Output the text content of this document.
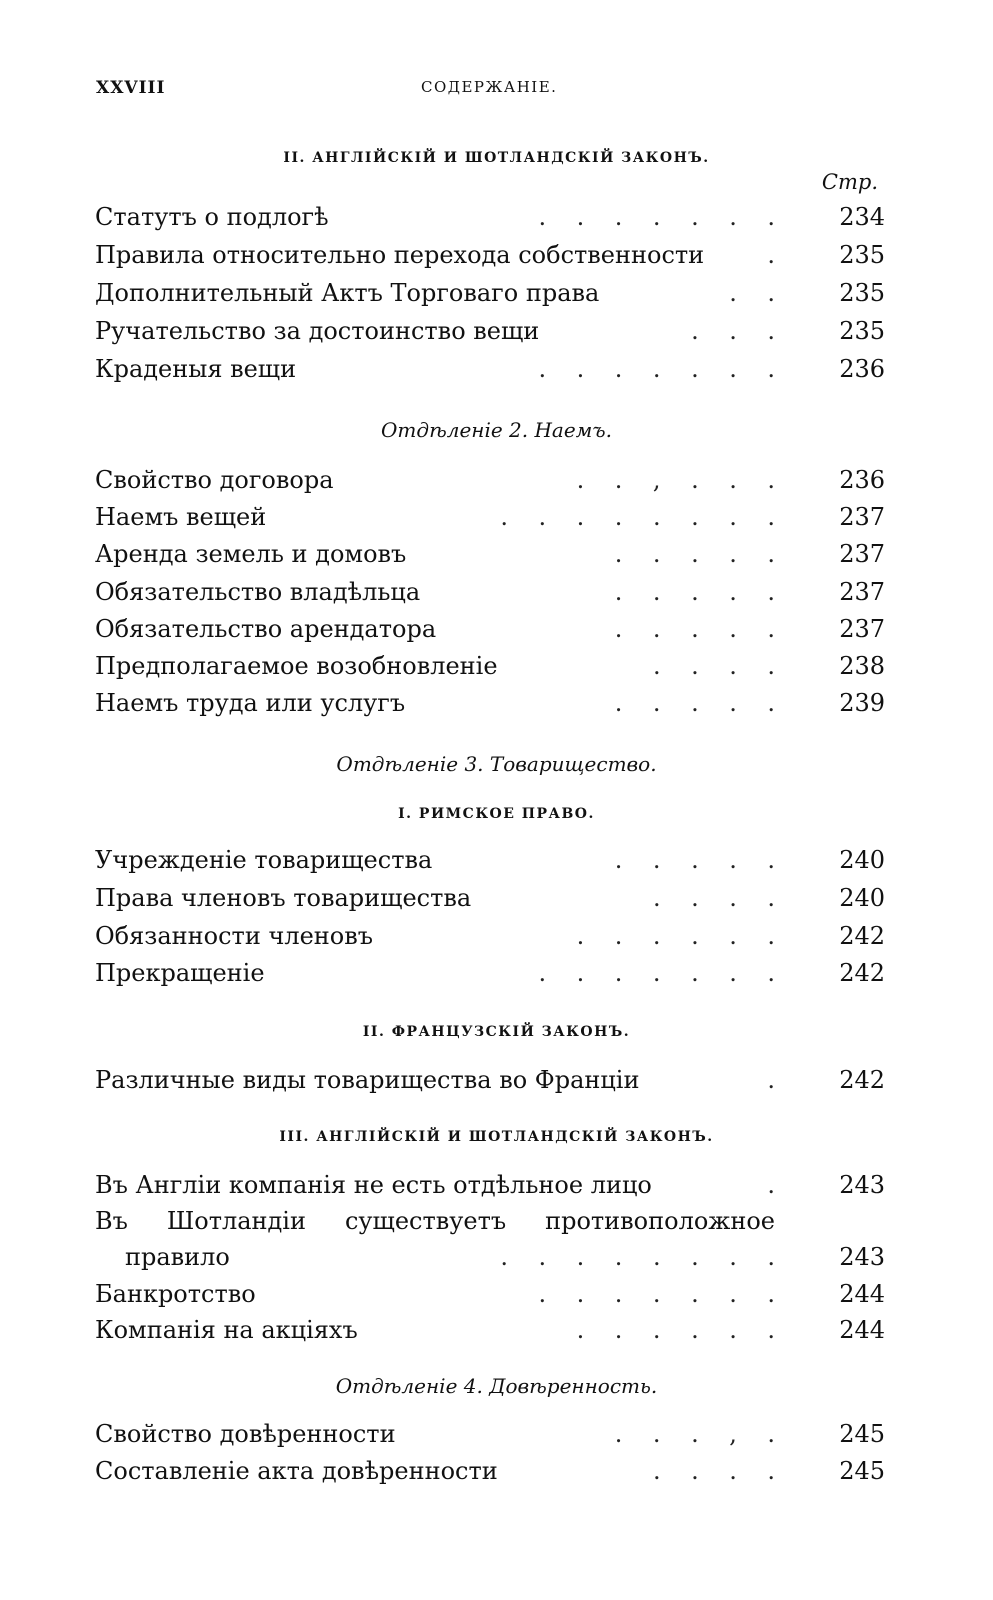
XXVIII	СОДЕРЖАНІЕ.
II. АНГЛІЙСКІЙ И ШОТЛАНДСКІЙ ЗАКОНЪ.
Стр.
Статутъ о подлогѣ	.    .    .    .    .    .    .	234
Правила относительно перехода собственности	.	235
Дополнительный Актъ Торговаго права	.    .	235
Ручательство за достоинство вещи	.    .    .	235
Краденыя вещи	.    .    .    .    .    .    .	236
Отдѣленіе 2. Наемъ.
Свойство договора	.    .    ,    .    .    .	236
Наемъ вещей	.    .    .    .    .    .    .    .	237
Аренда земель и домовъ	.    .    .    .    .	237
Обязательство владѣльца	.    .    .    .    .	237
Обязательство арендатора	.    .    .    .    .	237
Предполагаемое возобновленіе	.    .    .    .	238
Наемъ труда или услугъ	.    .    .    .    .	239
Отдѣленіе 3. Товарищество.
I. РИМСКОЕ ПРАВО.
Учрежденіе товарищества	.    .    .    .    .	240
Права членовъ товарищества	.    .    .    .	240
Обязанности членовъ	.    .    .    .    .    .	242
Прекращеніе	.    .    .    .    .    .    .	242
II. ФРАНЦУЗСКІЙ ЗАКОНЪ.
Различные виды товарищества во Франціи	.	242
III. АНГЛІЙСКІЙ И ШОТЛАНДСКІЙ ЗАКОНЪ.
Въ Англіи компанія не есть отдѣльное лицо	.	243
Въ Шотландіи существуетъ противоположное
правило	.    .    .    .    .    .    .    .	243
Банкротство	.    .    .    .    .    .    .	244
Компанія на акціяхъ	.    .    .    .    .    .	244
Отдѣленіе 4. Довѣренность.
Свойство довѣренности	.    .    .    ,    .	245
Составленіе акта довѣренности	.    .    .    .	245
